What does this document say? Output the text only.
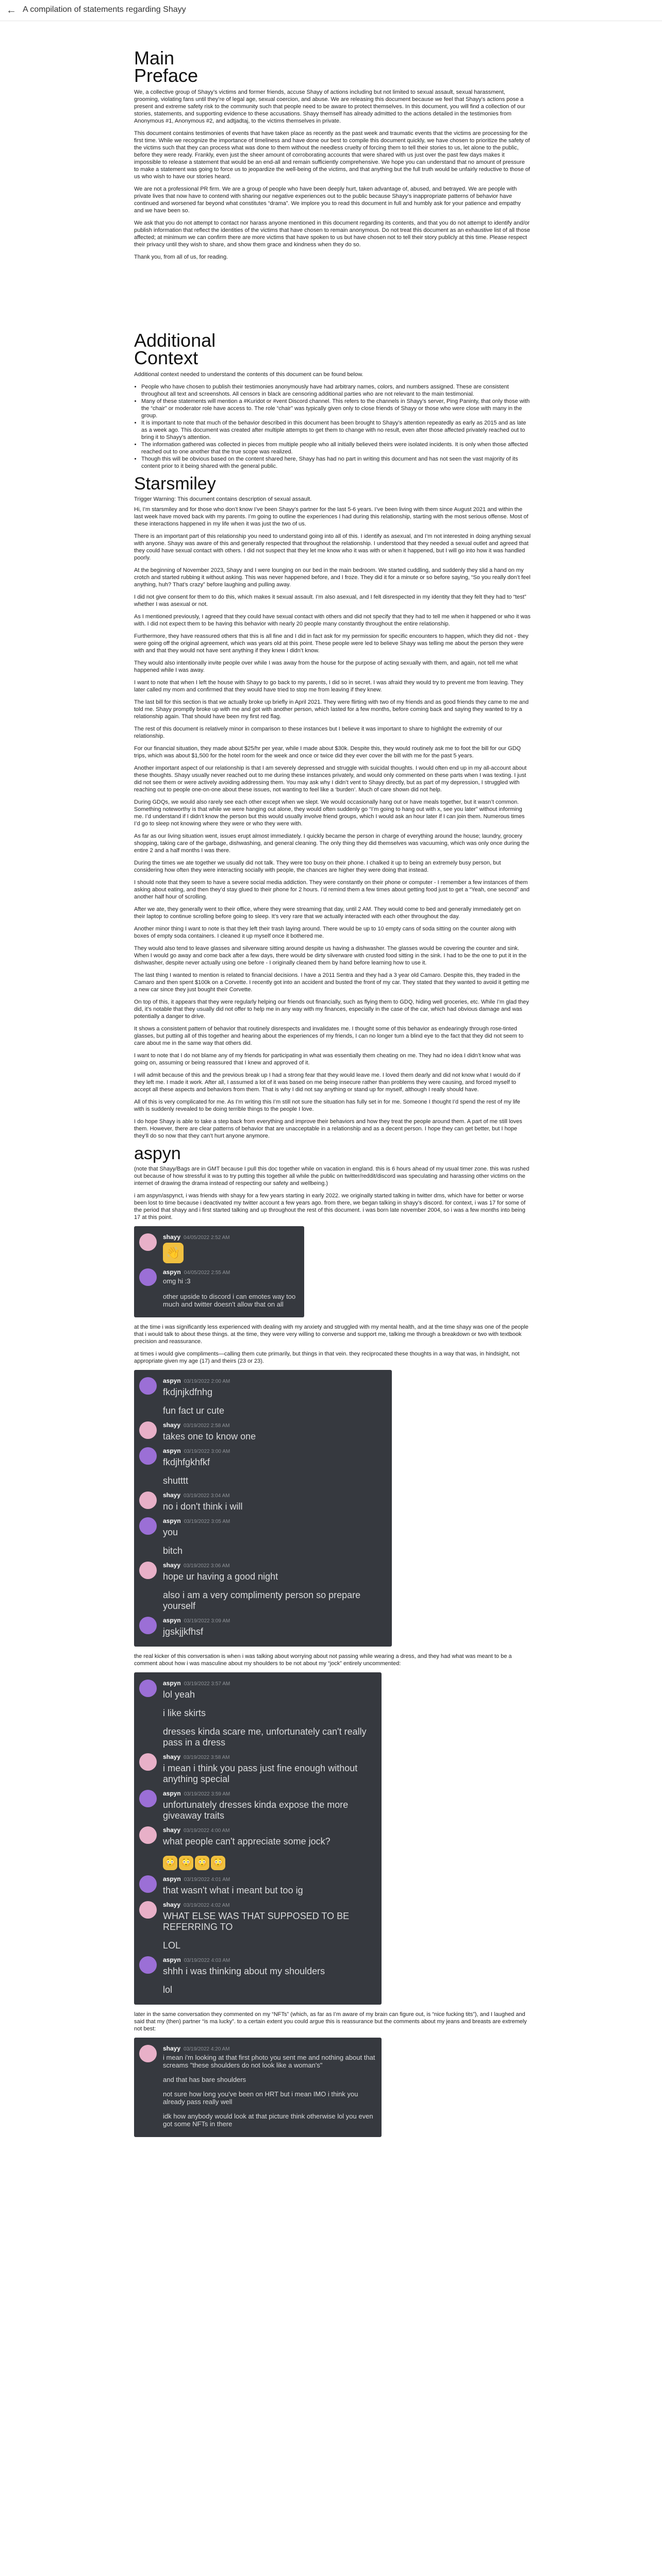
← A compilation of statements regarding Shayy
Main Preface

We, a collective group of Shayy’s victims and former friends, accuse Shayy of actions including but not limited to sexual assault, sexual harassment, grooming, violating fans until they’re of legal age, sexual coercion, and abuse. We are releasing this document because we feel that Shayy’s actions pose a present and extreme safety risk to the community such that people need to be aware to protect themselves. In this document, you will find a collection of our stories, statements, and supporting evidence to these accusations. Shayy themself has already admitted to the actions detailed in the testimonies from Anonymous #1, Anonymous #2, and adtjadtaj, to the victims themselves in private.

This document contains testimonies of events that have taken place as recently as the past week and traumatic events that the victims are processing for the first time. While we recognize the importance of timeliness and have done our best to compile this document quickly, we have chosen to prioritize the safety of the victims such that they can process what was done to them without the needless cruelty of forcing them to tell their stories to us, let alone to the public, before they were ready. Frankly, even just the sheer amount of corroborating accounts that were shared with us just over the past few days makes it impossible to release a statement that would be an end-all and remain sufficiently comprehensive. We hope you can understand that no amount of pressure to make a statement was going to force us to jeopardize the well-being of the victims, and that anything but the full truth would be unfairly reductive to those of us who wish to have our stories heard.

We are not a professional PR firm. We are a group of people who have been deeply hurt, taken advantage of, abused, and betrayed. We are people with private lives that now have to contend with sharing our negative experiences out to the public because Shayy’s inappropriate patterns of behavior have continued and worsened far beyond what constitutes “drama”. We implore you to read this document in full and humbly ask for your patience and empathy and we have been so.

We ask that you do not attempt to contact nor harass anyone mentioned in this document regarding its contents, and that you do not attempt to identify and/or publish information that reflect the identities of the victims that have chosen to remain anonymous. Do not treat this document as an exhaustive list of all those affected; at minimum we can confirm there are more victims that have spoken to us but have chosen not to tell their story publicly at this time. Please respect their privacy until they wish to share, and show them grace and kindness when they do so.

Thank you, from all of us, for reading.

Additional Context

Additional context needed to understand the contents of this document can be found below.

• People who have chosen to publish their testimonies anonymously have had arbitrary names, colors, and numbers assigned. These are consistent throughout all text and screenshots. All censors in black are censoring additional parties who are not relevant to the main testimonial.
• Many of these statements will mention a #Kuridot or #vent Discord channel. This refers to the channels in Shayy’s server, Ping Paninty, that only those with the “chair” or moderator role have access to. The role “chair” was typically given only to close friends of Shayy or those who were close with many in the group.
• It is important to note that much of the behavior described in this document has been brought to Shayy’s attention repeatedly as early as 2015 and as late as a week ago. This document was created after multiple attempts to get them to change with no result, even after those affected privately reached out to bring it to Shayy’s attention.
• The information gathered was collected in pieces from multiple people who all initially believed theirs were isolated incidents. It is only when those affected reached out to one another that the true scope was realized.
• Though this will be obvious based on the content shared here, Shayy has had no part in writing this document and has not seen the vast majority of its content prior to it being shared with the general public.
Starsmiley

Trigger Warning: This document contains description of sexual assault.

Hi, I’m starsmiley and for those who don’t know I’ve been Shayy’s partner for the last 5-6 years. I’ve been living with them since August 2021 and within the last week have moved back with my parents. I’m going to outline the experiences I had during this relationship, starting with the most serious offense. Most of these interactions happened in my life when it was just the two of us.

There is an important part of this relationship you need to understand going into all of this. I identify as asexual, and I’m not interested in doing anything sexual with anyone. Shayy was aware of this and generally respected that throughout the relationship. I understood that they needed a sexual outlet and agreed that they could have sexual contact with others. I did not suspect that they let me know who it was with or when it happened, but I will go into how it was handled poorly.

At the beginning of November 2023, Shayy and I were lounging on our bed in the main bedroom. We started cuddling, and suddenly they slid a hand on my crotch and started rubbing it without asking. This was never happened before, and I froze. They did it for a minute or so before saying, “So you really don’t feel anything, huh? That’s crazy” before laughing and pulling away.

I did not give consent for them to do this, which makes it sexual assault. I’m also asexual, and I felt disrespected in my identity that they felt they had to “test” whether I was asexual or not.

As I mentioned previously, I agreed that they could have sexual contact with others and did not specify that they had to tell me when it happened or who it was with. I did not expect them to be having this behavior with nearly 20 people many constantly throughout the entire relationship.

Furthermore, they have reassured others that this is all fine and I did in fact ask for my permission for specific encounters to happen, which they did not - they were going off the original agreement, which was years old at this point. These people were led to believe Shayy was telling me about the person they were with and that they would not have sent anything if they knew I didn’t know.

They would also intentionally invite people over while I was away from the house for the purpose of acting sexually with them, and again, not tell me what happened while I was away.

I want to note that when I left the house with Shayy to go back to my parents, I did so in secret. I was afraid they would try to prevent me from leaving. They later called my mom and confirmed that they would have tried to stop me from leaving if they knew.

The last bill for this section is that we actually broke up briefly in April 2021. They were flirting with two of my friends and as good friends they came to me and told me. Shayy promptly broke up with me and got with another person, which lasted for a few months, before coming back and saying they wanted to try a relationship again. That should have been my first red flag.

The rest of this document is relatively minor in comparison to these instances but I believe it was important to share to highlight the extremity of our relationship.

For our financial situation, they made about $25/hr per year, while I made about $30k. Despite this, they would routinely ask me to foot the bill for our GDQ trips, which was about $1,500 for the hotel room for the week and once or twice did they ever cover the bill with me for the past 5 years.

Another important aspect of our relationship is that I am severely depressed and struggle with suicidal thoughts. I would often end up in my all-account about these thoughts. Shayy usually never reached out to me during these instances privately, and would only commented on these parts when I was texting. I just did not see them or were actively avoiding addressing them. You may ask why I didn’t vent to Shayy directly, but as part of my depression, I struggled with reaching out to people one-on-one about these issues, not wanting to feel like a ‘burden’. Much of care shown did not help.

During GDQs, we would also rarely see each other except when we slept. We would occasionally hang out or have meals together, but it wasn’t common. Something noteworthy is that while we were hanging out alone, they would often suddenly go “I’m going to hang out with x, see you later” without informing me. I’d understand if I didn’t know the person but this would usually involve friend groups, which I would ask an hour later if I can join them. Numerous times I’d go to sleep not knowing where they were or who they were with.

As far as our living situation went, issues erupt almost immediately. I quickly became the person in charge of everything around the house; laundry, grocery shopping, taking care of the garbage, dishwashing, and general cleaning. The only thing they did themselves was vacuuming, which was only once during the entire 2 and a half months I was there.

During the times we ate together we usually did not talk. They were too busy on their phone. I chalked it up to being an extremely busy person, but considering how often they were interacting socially with people, the chances are higher they were doing that instead.

I should note that they seem to have a severe social media addiction. They were constantly on their phone or computer - I remember a few instances of them asking about eating, and then they’d stay glued to their phone for 2 hours. I’d remind them a few times about getting food just to get a “Yeah, one second” and another half hour of scrolling.

After we ate, they generally went to their office, where they were streaming that day, until 2 AM. They would come to bed and generally immediately get on their laptop to continue scrolling before going to sleep. It’s very rare that we actually interacted with each other throughout the day.

Another minor thing I want to note is that they left their trash laying around. There would be up to 10 empty cans of soda sitting on the counter along with boxes of empty soda containers. I cleaned it up myself once it bothered me.

They would also tend to leave glasses and silverware sitting around despite us having a dishwasher. The glasses would be covering the counter and sink. When I would go away and come back after a few days, there would be dirty silverware with crusted food sitting in the sink. I had to be the one to put it in the dishwasher, despite never actually using one before - I originally cleaned them by hand before learning how to use it.

The last thing I wanted to mention is related to financial decisions. I have a 2011 Sentra and they had a 3 year old Camaro. Despite this, they traded in the Camaro and then spent $100k on a Corvette. I recently got into an accident and busted the front of my car. They stated that they wanted to avoid it getting me a new car since they just bought their Corvette.

On top of this, it appears that they were regularly helping our friends out financially, such as flying them to GDQ, hiding well groceries, etc. While I’m glad they did, it’s notable that they usually did not offer to help me in any way with my finances, especially in the case of the car, which had obvious damage and was potentially a danger to drive.

It shows a consistent pattern of behavior that routinely disrespects and invalidates me. I thought some of this behavior as endearingly through rose-tinted glasses, but putting all of this together and hearing about the experiences of my friends, I can no longer turn a blind eye to the fact that they did not seem to care about me in the same way that others did.

I want to note that I do not blame any of my friends for participating in what was essentially them cheating on me. They had no idea I didn’t know what was going on, assuming or being reassured that I knew and approved of it.

I will admit because of this and the previous break up I had a strong fear that they would leave me. I loved them dearly and did not know what I would do if they left me. I made it work. After all, I assumed a lot of it was based on me being insecure rather than problems they were causing, and forced myself to accept all these aspects and behaviors from them. That is why I did not say anything or stand up for myself, although I really should have.

All of this is very complicated for me. As I’m writing this I’m still not sure the situation has fully set in for me. Someone I thought I’d spend the rest of my life with is suddenly revealed to be doing terrible things to the people I love.

I do hope Shayy is able to take a step back from everything and improve their behaviors and how they treat the people around them. A part of me still loves them. However, there are clear patterns of behavior that are unacceptable in a relationship and as a decent person. I hope they can get better, but I hope they’ll do so now that they can’t hurt anyone anymore.

aspyn

(note that Shayy/Bags are in GMT because I pull this doc together while on vacation in england. this is 6 hours ahead of my usual timer zone. this was rushed out because of how stressful it was to try putting this together all while the public on twitter/reddit/discord was speculating and harassing other victims on the internet of drawing the drama instead of respecting our safety and wellbeing.)

i am aspyn/aspynct, i was friends with shayy for a few years starting in early 2022. we originally started talking in twitter dms, which have for better or worse been lost to time because i deactivated my twitter account a few years ago. from there, we began talking in shayy’s discord. for context, i was 17 for some of the period that shayy and i first started talking and up throughout the rest of this document. i was born late november 2004, so i was a few months into being 17 at this point.

shayy 04/05/2022 2:52 AM
👋
aspyn 04/05/2022 2:55 AM
omg hi :3
other upside to discord i can emotes way too much and twitter doesn't allow that on all

at the time i was significantly less experienced with dealing with my anxiety and struggled with my mental health, and at the time shayy was one of the people that i would talk to about these things. at the time, they were very willing to converse and support me, talking me through a breakdown or two with textbook precision and reassurance.

at times i would give compliments—calling them cute primarily, but things in that vein. they reciprocated these thoughts in a way that was, in hindsight, not appropriate given my age (17) and theirs (23 or 23).

aspyn 03/19/2022 2:00 AM
fkdjnjkdfnhg
fun fact ur cute
shayy 03/19/2022 2:58 AM
takes one to know one
aspyn 03/19/2022 3:00 AM
fkdjhfgkhfkf
shutttt
shayy 03/19/2022 3:04 AM
no i don't think i will
aspyn 03/19/2022 3:05 AM
you
bitch
shayy 03/19/2022 3:06 AM
hope ur having a good night
also i am a very complimenty person so prepare yourself
aspyn 03/19/2022 3:09 AM
jgskjjkfhsf

the real kicker of this conversation is when i was talking about worrying about not passing while wearing a dress, and they had what was meant to be a comment about how i was masculine about my shoulders to be not about my “jock” entirely uncommented:

aspyn 03/19/2022 3:57 AM
lol yeah
i like skirts
dresses kinda scare me, unfortunately can't really pass in a dress
shayy 03/19/2022 3:58 AM
i mean i think you pass just fine enough without anything special
aspyn 03/19/2022 3:59 AM
unfortunately dresses kinda expose the more giveaway traits
shayy 03/19/2022 4:00 AM
what people can't appreciate some jock?
😳 😳 😳 😳
aspyn 03/19/2022 4:01 AM
that wasn't what i meant but too ig
shayy 03/19/2022 4:02 AM
WHAT ELSE WAS THAT SUPPOSED TO BE REFERRING TO
LOL
aspyn 03/19/2022 4:03 AM
shhh i was thinking about my shoulders
lol

later in the same conversation they commented on my “NFTs” (which, as far as I’m aware of my brain can figure out, is “nice fucking tits”), and I laughed and said that my (then) partner “is ma lucky”. to a certain extent you could argue this is reassurance but the comments about my jeans and breasts are extremely not best:

shayy 03/19/2022 4:20 AM
i mean i'm looking at that first photo you sent me and nothing about that screams "these shoulders do not look like a woman's"
and that has bare shoulders
not sure how long you've been on HRT but i mean IMO i think you already pass really well
idk how anybody would look at that picture think otherwise lol you even got some NFTs in there
